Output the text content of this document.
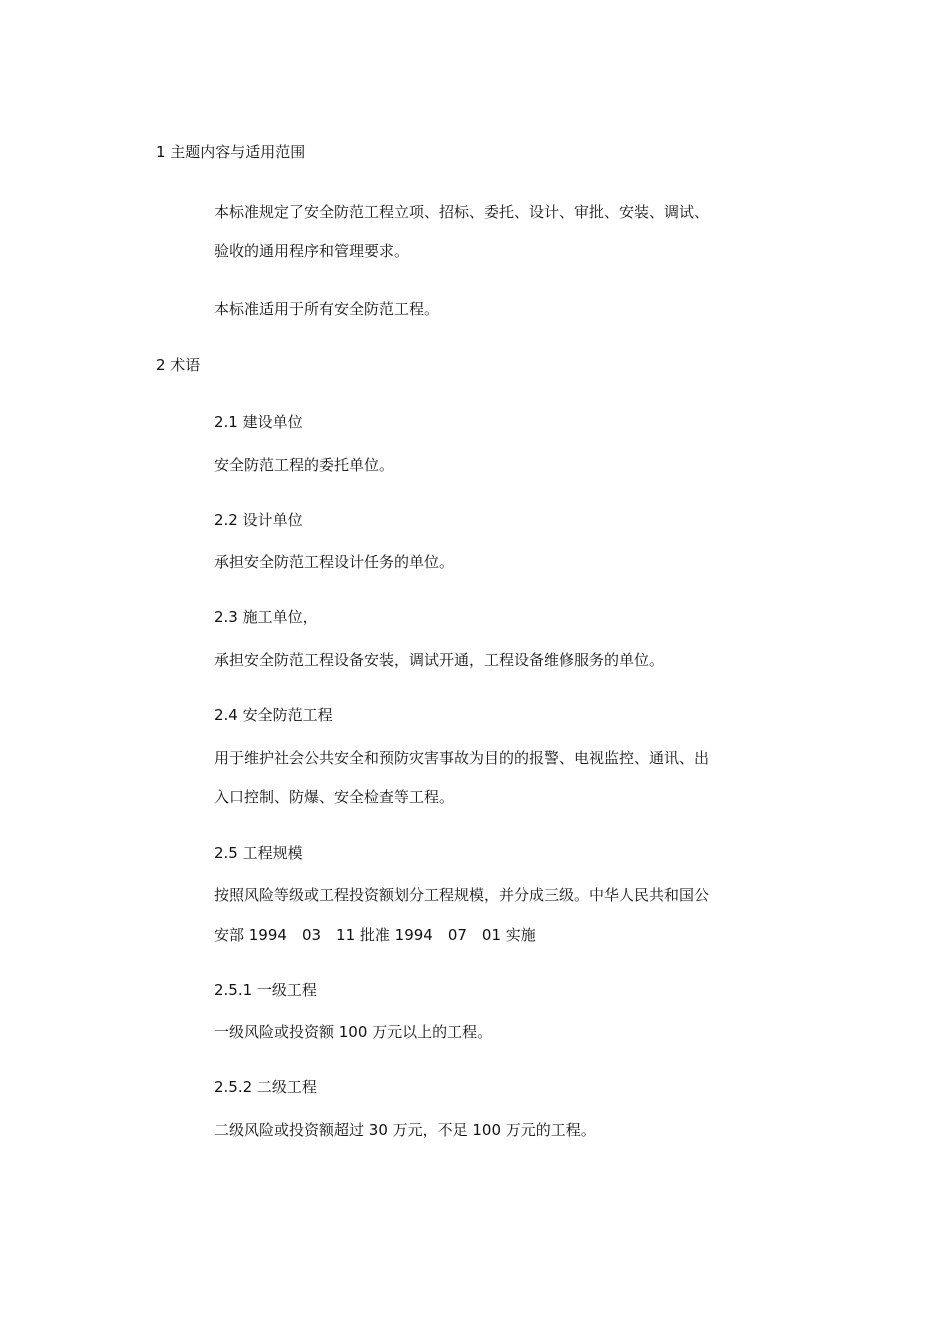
1 主题内容与适用范围
本标准规定了安全防范工程立项、招标、委托、设计、审批、安装、调试、
验收的通用程序和管理要求。
本标准适用于所有安全防范工程。
2 术语
2.1 建设单位
安全防范工程的委托单位。
2.2 设计单位
承担安全防范工程设计任务的单位。
2.3 施工单位，
承担安全防范工程设备安装，调试开通，工程设备维修服务的单位。
2.4 安全防范工程
用于维护社会公共安全和预防灾害事故为目的的报警、电视监控、通讯、出
入口控制、防爆、安全检查等工程。
2.5 工程规模
按照风险等级或工程投资额划分工程规模，并分成三级。中华人民共和国公
安部 1994　03　11 批准 1994　07　01 实施
2.5.1 一级工程
一级风险或投资额 100 万元以上的工程。
2.5.2 二级工程
二级风险或投资额超过 30 万元，不足 100 万元的工程。
